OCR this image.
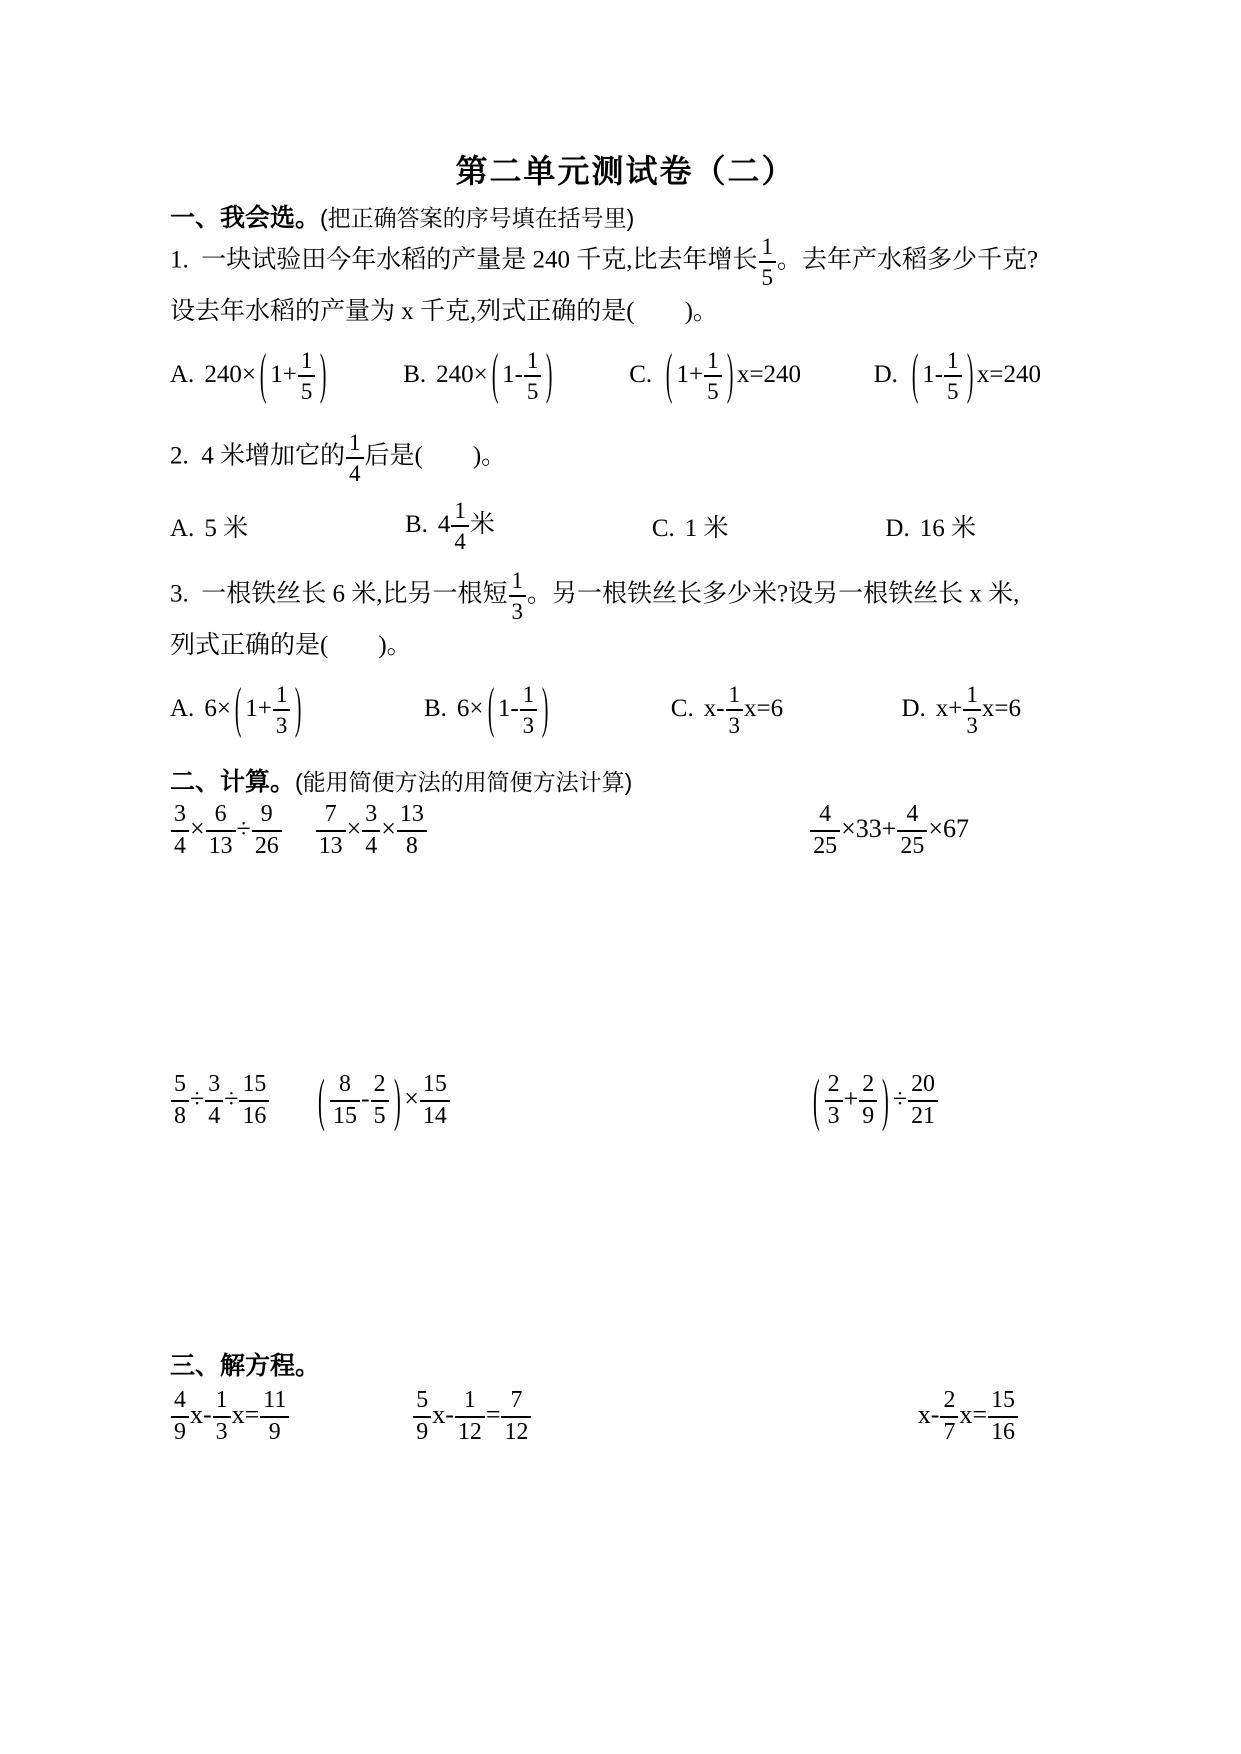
第二单元测试卷（二）
一、我会选。(把正确答案的序号填在括号里)
1.  一块试验田今年水稻的产量是 240 千克,比去年增长 $\frac{1}{5}$ 。去年产水稻多少千克?
设去年水稻的产量为 x 千克,列式正确的是(　　)。
A. 240× ( $1+ \frac{1}{5}$ )	B. 240× ( $1- \frac{1}{5}$ )	C. ( $1+ \frac{1}{5}$ ) x=240	D. ( $1- \frac{1}{5}$ ) x=240
2.  4 米增加它的 $\frac{1}{4}$ 后是(　　)。
A. 5 米	B. $4 \frac{1}{4}$ 米	C. 1 米	D. 16 米
3.  一根铁丝长 6 米,比另一根短 $\frac{1}{3}$ 。另一根铁丝长多少米?设另一根铁丝长 x 米,
列式正确的是(　　)。
A. 6× ( $1+ \frac{1}{3}$ )	B. 6× ( $1- \frac{1}{3}$ )	C. $x- \frac{1}{3} x=6$	D. $x+ \frac{1}{3} x=6$
二、计算。(能用简便方法的用简便方法计算)
$\frac{3}{4} \times \frac{6}{13} \div \frac{9}{26} \frac{7}{13} \times \frac{3}{4} \times \frac{13}{8}$	$\frac{4}{25} \times 33+ \frac{4}{25} \times 67$
$\frac{5}{8} \div \frac{3}{4} \div \frac{15}{16}$ ( $\frac{8}{15} - \frac{2}{5}$ ) × $\frac{15}{14}$	( $\frac{2}{3} + \frac{2}{9}$ ) ÷ $\frac{20}{21}$
三、解方程。
$\frac{4}{9} x- \frac{1}{3} x= \frac{11}{9}$	$\frac{5}{9} x- \frac{1}{12} = \frac{7}{12}$	$x- \frac{2}{7} x= \frac{15}{16}$
